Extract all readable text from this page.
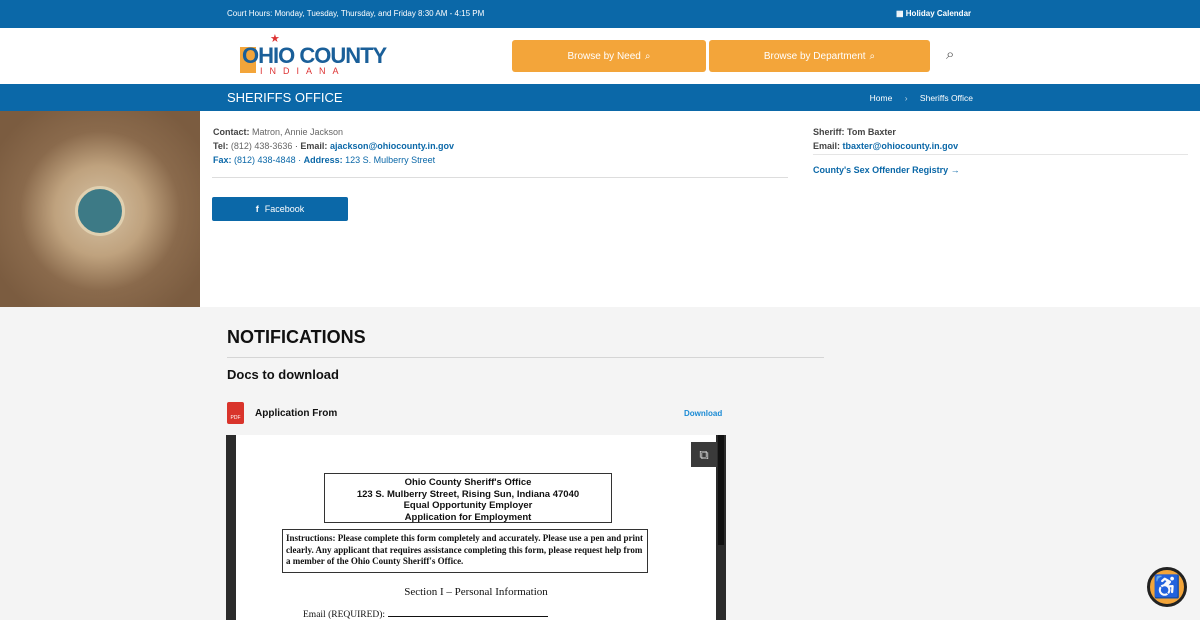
Court Hours: Monday, Tuesday, Thursday, and Friday 8:30 AM - 4:15 PM	▦ Holiday Calendar
★
OHIO COUNTY
INDIANA
Browse by Need ⌕	Browse by Department ⌕	⌕
SHERIFFS OFFICE	Home › Sheriffs Office
Contact: Matron, Annie Jackson
Tel: (812) 438-3636 · Email: ajackson@ohiocounty.in.gov
Fax: (812) 438-4848 · Address: 123 S. Mulberry Street
f Facebook
Sheriff: Tom Baxter
Email: tbaxter@ohiocounty.in.gov
County's Sex Offender Registry →
NOTIFICATIONS
Docs to download
PDF	Application From	Download
Ohio County Sheriff's Office
123 S. Mulberry Street, Rising Sun, Indiana 47040
Equal Opportunity Employer
Application for Employment
Instructions: Please complete this form completely and accurately. Please use a pen and print clearly. Any applicant that requires assistance completing this form, please request help from a member of the Ohio County Sheriff's Office.
Section I – Personal Information
Email (REQUIRED):
⧉
♿
